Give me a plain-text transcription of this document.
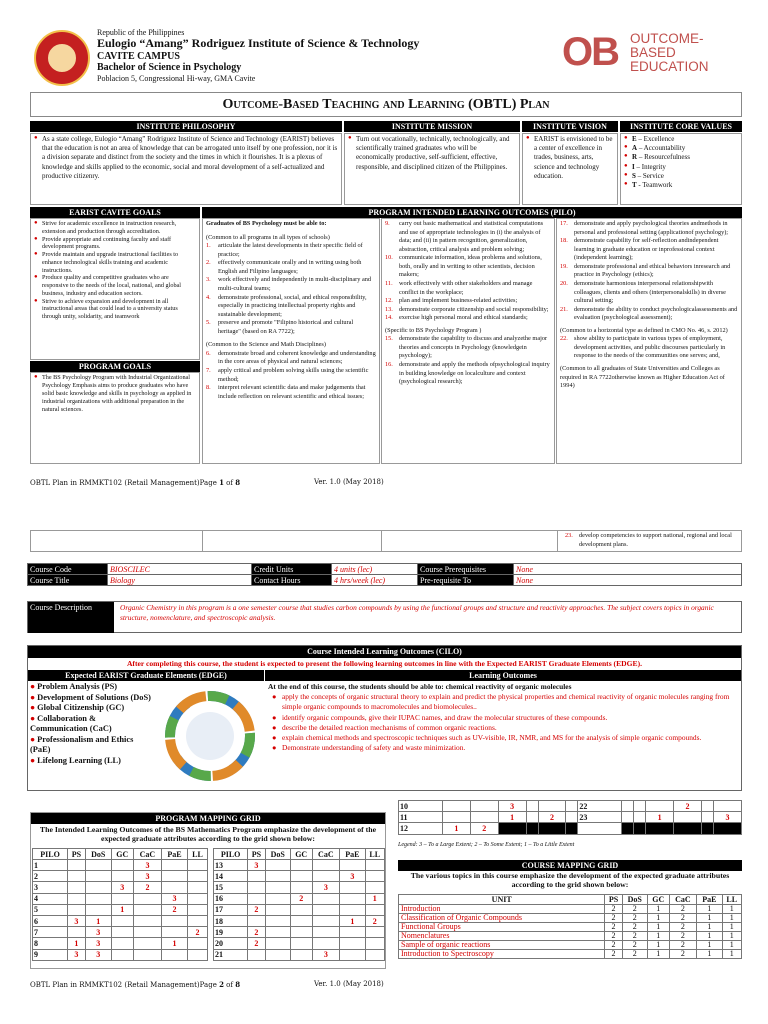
Republic of the Philippines
Eulogio “Amang” Rodriguez Institute of Science & Technology
CAVITE CAMPUS
Bachelor of Science in Psychology
Poblacion 5, Congressional Hi-way, GMA Cavite
OB OUTCOME-
BASED
EDUCATION
Outcome-Based Teaching and Learning (OBTL) Plan
INSTITUTE PHILOSOPHY	INSTITUTE MISSION	INSTITUTE VISION	INSTITUTE CORE VALUES
● As a state college, Eulogio “Amang” Rodriguez Institute of Science and Technology (EARIST) believes that the education is not an area of knowledge that can be arrogated unto itself by one profession, nor it is a division separate and distinct from the society and the times in which it flourishes. It is a plexus of knowledge and skills applied to the economic, social and moral development of a self-actualized and productive citizenry.
● Turn out vocationally, technically, technologically, and scientifically trained graduates who will be economically productive, self-sufficient, effective, responsible, and disciplined citizen of the Philippines.
● EARIST is envisioned to be a center of excellence in trades, business, arts, science and technology education.
● E – Excellence
● A – Accountability
● R – Resourcefulness
● I – Integrity
● S – Service
● T - Teamwork
EARIST CAVITE GOALS	PROGRAM INTENDED LEARNING OUTCOMES (PILO)
● Strive for academic excellence in instruction research, extension and production through accreditation.
● Provide appropriate and continuing faculty and staff development programs.
● Provide maintain and upgrade instructional facilities to enhance technological skills training and academic instructions.
● Produce quality and competitive graduates who are responsive to the needs of the local, national, and global business, industry and education sectors.
● Strive to achieve expansion and development in all instructional areas that could lead to a university status through unity, solidarity, and teamwork
PROGRAM GOALS
● The BS Psychology Program with Industrial Organizational Psychology Emphasis aims to produce graduates who have solid basic knowledge and skills in psychology as applied in industrial organizations with additional preparation in the natural sciences.
Graduates of BS Psychology must be able to:
(Common to all programs in all types of schools)
1.	articulate the latest developments in their specific field of practice;
2.	effectively communicate orally and in writing using both English and Filipino languages;
3.	work effectively and independently in multi-disciplinary and multi-cultural teams;
4.	demonstrate professional, social, and ethical responsibility, especially in practicing intellectual property rights and sustainable development;
5.	preserve and promote "Filipino historical and cultural heritage" (based on RA 7722);
(Common to the Science and Math Disciplines)
6.	demonstrate broad and coherent knowledge and understanding in the core areas of physical and natural sciences;
7.	apply critical and problem solving skills using the scientific method;
8.	interpret relevant scientific data and make judgements that include reflection on relevant scientific and ethical issues;
9.	carry out basic mathematical and statistical computations and use of appropriate technologies in (i) the analysis of data; and (ii) in pattern recognition, generalization, abstraction, critical analysis and problem solving;
10. communicate information, ideas problems and solutions, both, orally and in writing to other scientists, decision makers;
11.	work effectively with other stakeholders and manage conflict in the workplace;
12. plan and implement business-related activities;
13. demonstrate corporate citizenship and social responsibility;
14. exercise high personal moral and ethical standards;
(Specific to BS Psychology Program )
15. demonstrate the capability to discuss and analyzethe major theories and concepts in Psychology (knowledgein psychology);
16. demonstrate and apply the methods ofpsychological inquiry in building knowledge on localculture and context (psychological research);
17. demonstrate and apply psychological theories andmethods in personal and professional setting (applicationof psychology);
18. demonstrate capability for self-reflection andindependent learning in graduate education or inprofessional context (independent learning);
19. demonstrate professional and ethical behaviors inresearch and practice in Psychology (ethics);
20. demonstrate harmonious interpersonal relationshipwith colleagues, clients and others (interpersonalskills) in diverse cultural setting;
21. demonstrate the ability to conduct psychologicalassessments and evaluation (psychological assessment);
(Common to a horizontal type as defined in CMO No. 46, s. 2012)
22. show ability to participate in various types of employment, development activities, and public discourses particularly in response to the needs of the communities one serves; and,
(Common to all graduates of State Universities and Colleges as required in RA 7722otherwise known as Higher Education Act of 1994)
OBTL Plan in RMMKT102 (Retail Management)Page 1 of 8	Ver. 1.0 (May 2018)
23. develop competencies to support national, regional and local development plans.
Course Code	BIOSCILEC	Credit Units	4 units (lec)	Course Prerequisites	None
Course Title	Biology	Contact Hours	4 hrs/week (lec)	Pre-requisite To	None
Course Description	Organic Chemistry in this program is a one semester course that studies carbon compounds by using the functional groups and structure and reactivity approaches. The subject covers topics in organic structure, nomenclature, and spectroscopic analysis.
Course Intended Learning Outcomes (CILO)
After completing this course, the student is expected to present the following learning outcomes in line with the Expected EARIST Graduate Elements (EDGE).
Expected EARIST Graduate Elements (EDGE)	Learning Outcomes
● Problem Analysis (PS)
● Development of Solutions (DoS)
● Global Citizenship (GC)
● Collaboration & Communication (CaC)
● Professionalism and Ethics (PaE)
● Lifelong Learning (LL)
At the end of this course, the students should be able to: chemical reactivity of organic molecules
● apply the concepts of organic structural theory to explain and predict the physical properties and chemical reactivity of organic molecules ranging from simple organic compounds to macromolecules and biomolecules..
● identify organic compounds, give their IUPAC names, and draw the molecular structures of these compounds.
● describe the detailed reaction mechanisms of common organic reactions.
● explain chemical methods and spectroscopic techniques such as UV-visible, IR, NMR, and MS for the analysis of simple organic compounds.
● Demonstrate understanding of safety and waste minimization.
PROGRAM MAPPING GRID
The Intended Learning Outcomes of the BS Mathematics Program emphasize the development of the expected graduate attributes according to the grid shown below:
PILO	PS	DoS	GC	CaC	PaE	LL
1				3		
2				3		
3			3	2		
4					3	
5			1		2	
6	3	1				
7		3				2
8	1	3			1	
9	3	3				
PILO	PS	DoS	GC	CaC	PaE	LL
13	3					
14					3	
15				3		
16			2			1
17	2					
18					1	2
19	2					
20	2					
21				3		
10			3				22				2		
11			1		2		23			1			3
12	1	2											
Legend: 3 – To a Large Extent; 2 – To Some Extent; 1 – To a Little Extent
COURSE MAPPING GRID
The various topics in this course emphasize the development of the expected graduate attributes according to the grid shown below:
UNIT	PS	DoS	GC	CaC	PaE	LL
Introduction	2	2	1	2	1	1
Classification of Organic Compounds	2	2	1	2	1	1
Functional Groups	2	2	1	2	1	1
Nomenclatures	2	2	1	2	1	1
Sample of organic reactions	2	2	1	2	1	1
Introduction to Spectroscopy	2	2	1	2	1	1
OBTL Plan in RMMKT102 (Retail Management)Page 2 of 8	Ver. 1.0 (May 2018)
